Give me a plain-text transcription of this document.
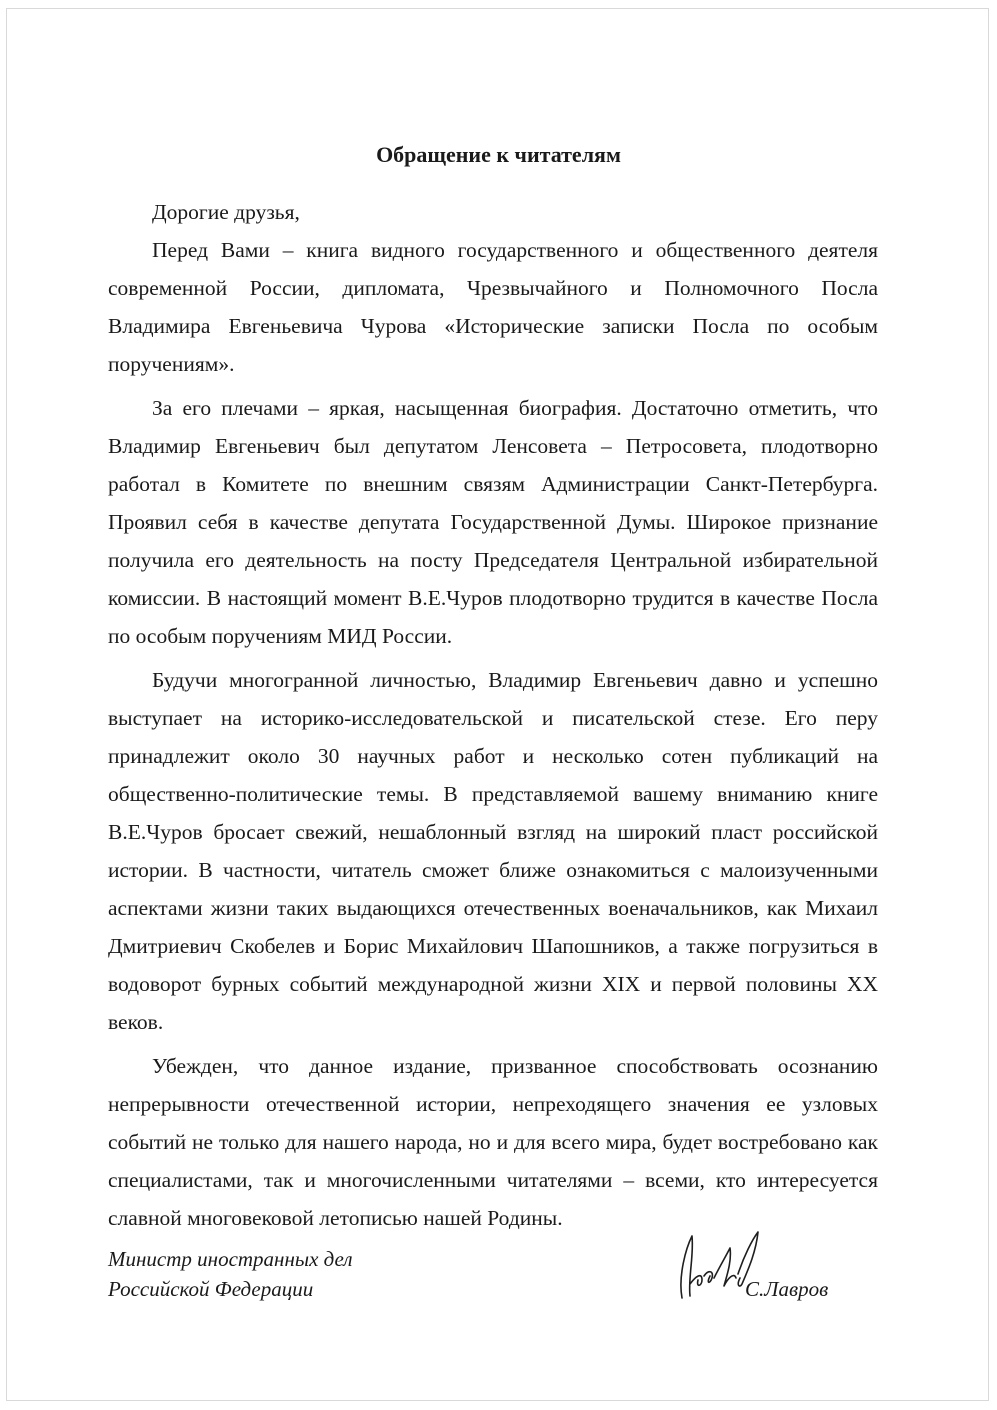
Обращение к читателям

Дорогие друзья,

Перед Вами – книга видного государственного и общественного деятеля современной России, дипломата, Чрезвычайного и Полномочного Посла Владимира Евгеньевича Чурова «Исторические записки Посла по особым поручениям».

За его плечами – яркая, насыщенная биография. Достаточно отметить, что Владимир Евгеньевич был депутатом Ленсовета – Петросовета, плодотворно работал в Комитете по внешним связям Администрации Санкт-Петербурга. Проявил себя в качестве депутата Государственной Думы. Широкое признание получила его деятельность на посту Председателя Центральной избирательной комиссии. В настоящий момент В.Е.Чуров плодотворно трудится в качестве Посла по особым поручениям МИД России.

Будучи многогранной личностью, Владимир Евгеньевич давно и успешно выступает на историко-исследовательской и писательской стезе. Его перу принадлежит около 30 научных работ и несколько сотен публикаций на общественно-политические темы. В представляемой вашему вниманию книге В.Е.Чуров бросает свежий, нешаблонный взгляд на широкий пласт российской истории. В частности, читатель сможет ближе ознакомиться с малоизученными аспектами жизни таких выдающихся отечественных военачальников, как Михаил Дмитриевич Скобелев и Борис Михайлович Шапошников, а также погрузиться в водоворот бурных событий международной жизни XIX и первой половины XX веков.

Убежден, что данное издание, призванное способствовать осознанию непрерывности отечественной истории, непреходящего значения ее узловых событий не только для нашего народа, но и для всего мира, будет востребовано как специалистами, так и многочисленными читателями – всеми, кто интересуется славной многовековой летописью нашей Родины.

Министр иностранных дел
Российской Федерации	С.Лавров
